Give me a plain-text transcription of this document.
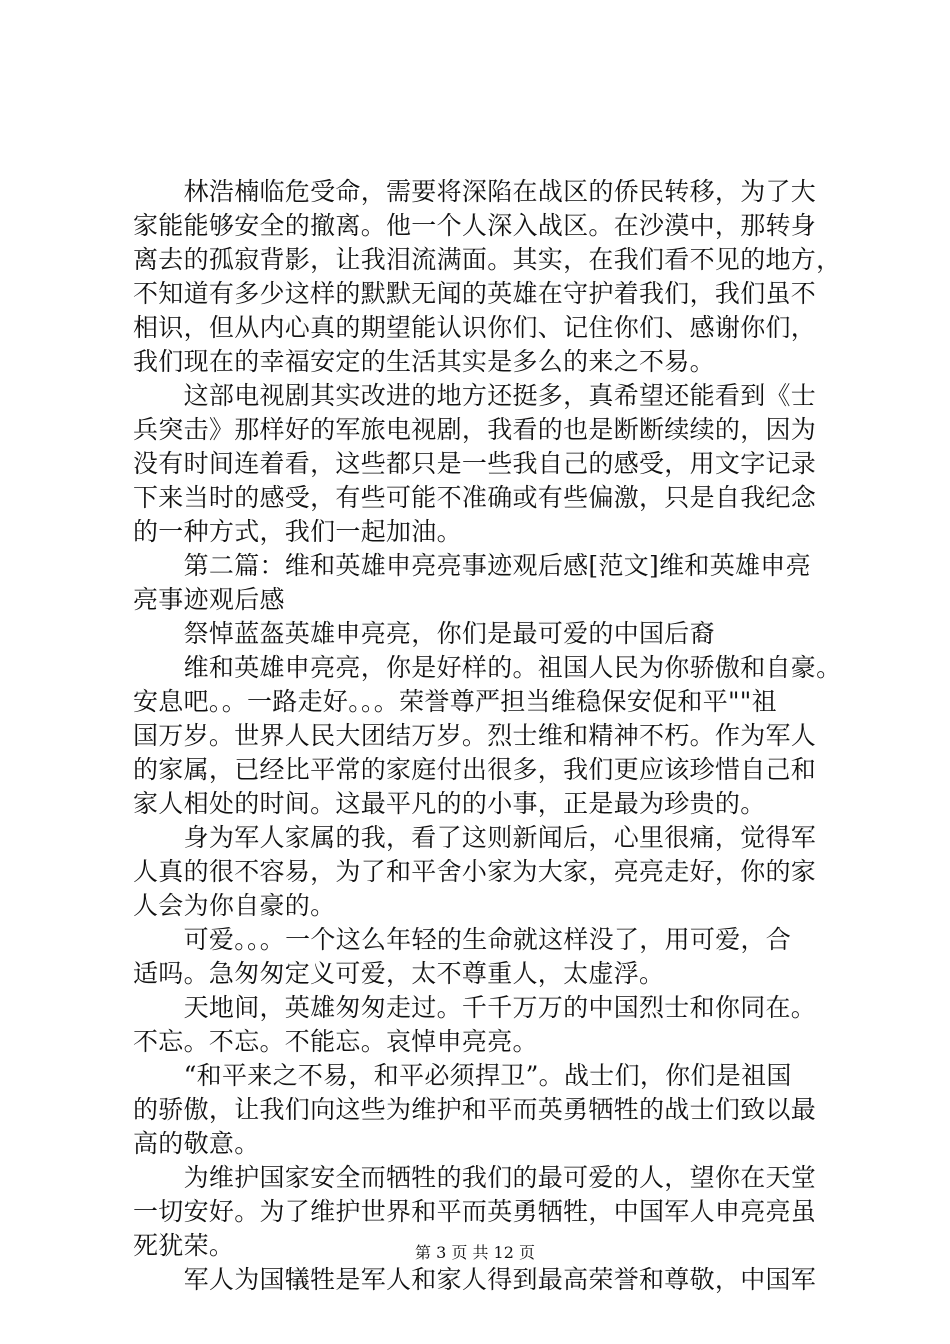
　　林浩楠临危受命，需要将深陷在战区的侨民转移，为了大
家能能够安全的撤离。他一个人深入战区。在沙漠中，那转身
离去的孤寂背影，让我泪流满面。其实，在我们看不见的地方，
不知道有多少这样的默默无闻的英雄在守护着我们，我们虽不
相识，但从内心真的期望能认识你们、记住你们、感谢你们，
我们现在的幸福安定的生活其实是多么的来之不易。
　　这部电视剧其实改进的地方还挺多，真希望还能看到《士
兵突击》那样好的军旅电视剧，我看的也是断断续续的，因为
没有时间连着看，这些都只是一些我自己的感受，用文字记录
下来当时的感受，有些可能不准确或有些偏激，只是自我纪念
的一种方式，我们一起加油。
　　第二篇：维和英雄申亮亮事迹观后感[范文]维和英雄申亮
亮事迹观后感
　　祭悼蓝盔英雄申亮亮，你们是最可爱的中国后裔
　　维和英雄申亮亮，你是好样的。祖国人民为你骄傲和自豪。
安息吧。。一路走好。。。荣誉尊严担当维稳保安促和平""祖
国万岁。世界人民大团结万岁。烈士维和精神不朽。作为军人
的家属，已经比平常的家庭付出很多，我们更应该珍惜自己和
家人相处的时间。这最平凡的的小事，正是最为珍贵的。
　　身为军人家属的我，看了这则新闻后，心里很痛，觉得军
人真的很不容易，为了和平舍小家为大家，亮亮走好，你的家
人会为你自豪的。
　　可爱。。。一个这么年轻的生命就这样没了，用可爱，合
适吗。急匆匆定义可爱，太不尊重人，太虚浮。
　　天地间，英雄匆匆走过。千千万万的中国烈士和你同在。
不忘。不忘。不能忘。哀悼申亮亮。
　　“和平来之不易，和平必须捍卫”。战士们，你们是祖国
的骄傲，让我们向这些为维护和平而英勇牺牲的战士们致以最
高的敬意。
　　为维护国家安全而牺牲的我们的最可爱的人，望你在天堂
一切安好。为了维护世界和平而英勇牺牲，中国军人申亮亮虽
死犹荣。
　　军人为国犠牲是军人和家人得到最高荣誉和尊敬，中国军
第 3 页 共 12 页
